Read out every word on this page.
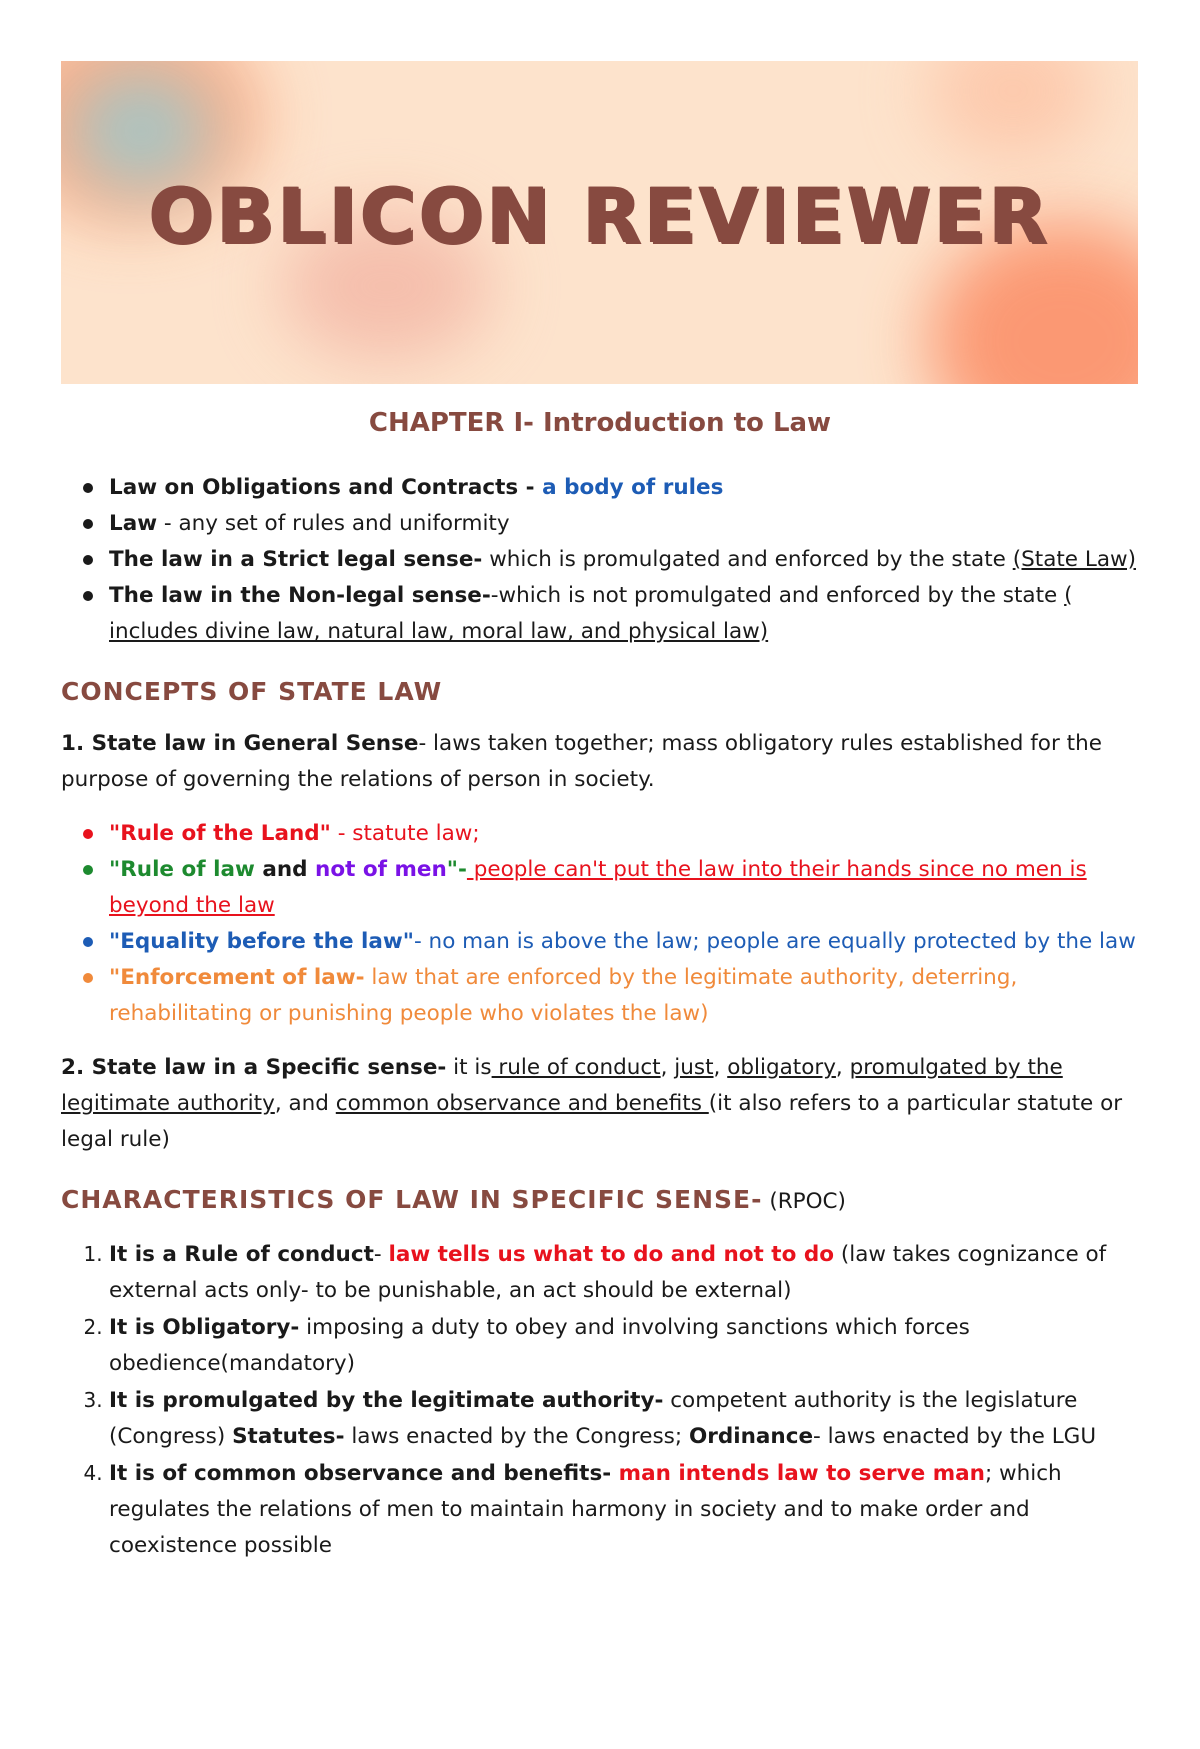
OBLICON REVIEWER
CHAPTER I- Introduction to Law
Law on Obligations and Contracts - a body of rules
Law - any set of rules and uniformity
The law in a Strict legal sense- which is promulgated and enforced by the state (State Law)
The law in the Non-legal sense--which is not promulgated and enforced by the state ( includes divine law, natural law, moral law, and physical law)
CONCEPTS OF STATE LAW

1. State law in General Sense- laws taken together; mass obligatory rules established for the purpose of governing the relations of person in society.

"Rule of the Land" - statute law;
"Rule of law and not of men"- people can't put the law into their hands since no men is beyond the law
"Equality before the law"- no man is above the law; people are equally protected by the law
"Enforcement of law- law that are enforced by the legitimate authority, deterring, rehabilitating or punishing people who violates the law)

2. State law in a Specific sense- it is rule of conduct, just, obligatory, promulgated by the legitimate authority, and common observance and benefits (it also refers to a particular statute or legal rule)

CHARACTERISTICS OF LAW IN SPECIFIC SENSE- (RPOC)
1. It is a Rule of conduct- law tells us what to do and not to do (law takes cognizance of external acts only- to be punishable, an act should be external)
2. It is Obligatory- imposing a duty to obey and involving sanctions which forces obedience(mandatory)
3. It is promulgated by the legitimate authority- competent authority is the legislature (Congress) Statutes- laws enacted by the Congress; Ordinance- laws enacted by the LGU
4. It is of common observance and benefits- man intends law to serve man; which regulates the relations of men to maintain harmony in society and to make order and coexistence possible
